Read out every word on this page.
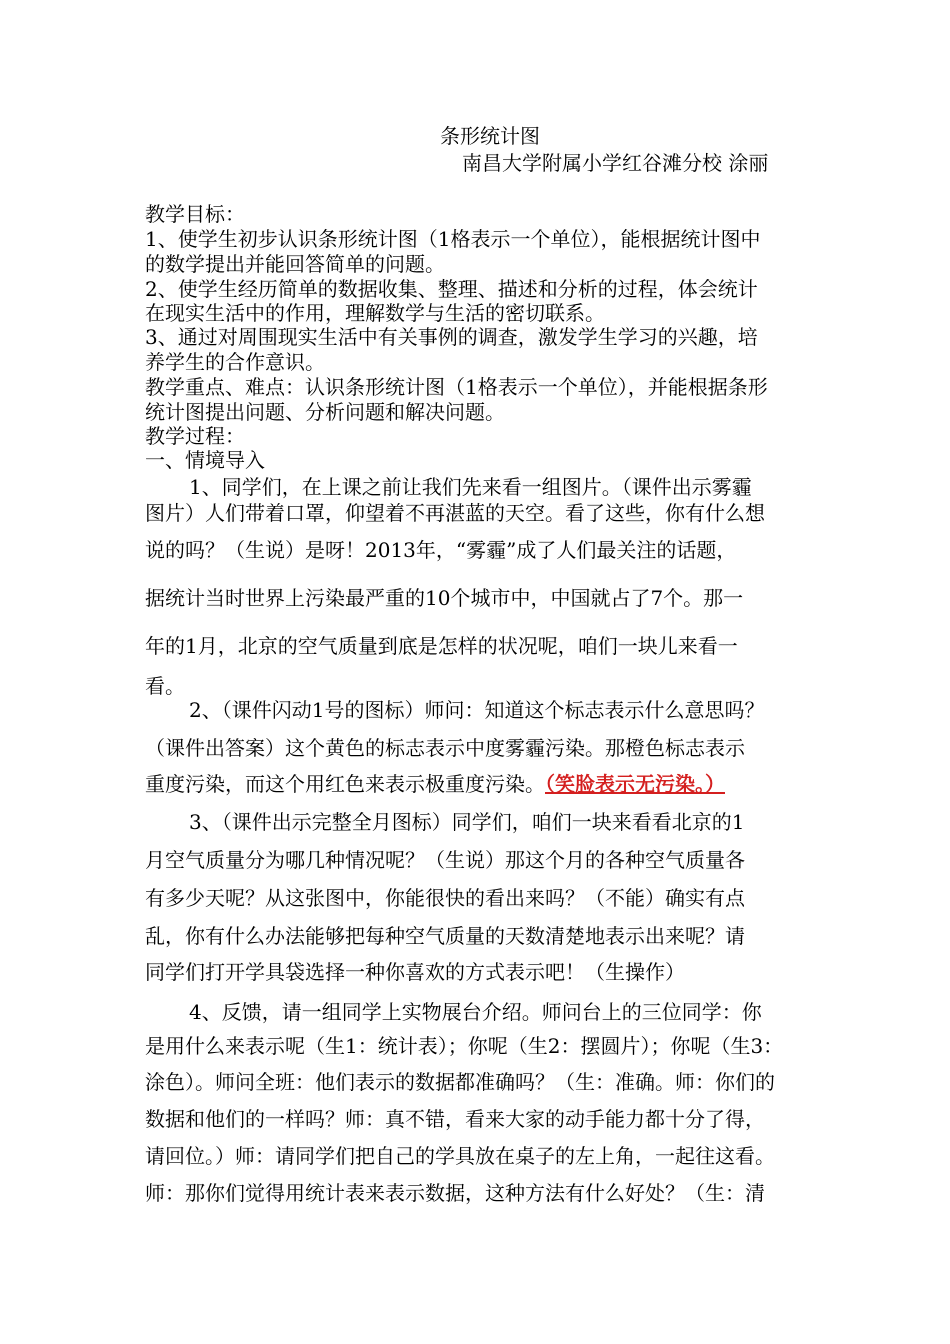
条形统计图
南昌大学附属小学红谷滩分校 涂丽
教学目标：
1、使学生初步认识条形统计图（1格表示一个单位），能根据统计图中
的数学提出并能回答简单的问题。
2、使学生经历简单的数据收集、整理、描述和分析的过程，体会统计
在现实生活中的作用，理解数学与生活的密切联系。
3、通过对周围现实生活中有关事例的调查，激发学生学习的兴趣，培
养学生的合作意识。
教学重点、难点：认识条形统计图（1格表示一个单位），并能根据条形
统计图提出问题、分析问题和解决问题。
教学过程：
一、情境导入
1、同学们，在上课之前让我们先来看一组图片。（课件出示雾霾
图片）人们带着口罩，仰望着不再湛蓝的天空。看了这些，你有什么想
说的吗？（生说）是呀！2013年，“雾霾”成了人们最关注的话题，
据统计当时世界上污染最严重的10个城市中，中国就占了7个。那一
年的1月，北京的空气质量到底是怎样的状况呢，咱们一块儿来看一
看。
2、（课件闪动1号的图标）师问：知道这个标志表示什么意思吗？
（课件出答案）这个黄色的标志表示中度雾霾污染。那橙色标志表示
重度污染，而这个用红色来表示极重度污染。（笑脸表示无污染。）
3、（课件出示完整全月图标）同学们，咱们一块来看看北京的1
月空气质量分为哪几种情况呢？（生说）那这个月的各种空气质量各
有多少天呢？从这张图中，你能很快的看出来吗？（不能）确实有点
乱，你有什么办法能够把每种空气质量的天数清楚地表示出来呢？请
同学们打开学具袋选择一种你喜欢的方式表示吧！（生操作）
4、反馈，请一组同学上实物展台介绍。师问台上的三位同学：你
是用什么来表示呢（生1：统计表）；你呢（生2：摆圆片）；你呢（生3：
涂色）。师问全班：他们表示的数据都准确吗？（生：准确。师：你们的
数据和他们的一样吗？师：真不错，看来大家的动手能力都十分了得，
请回位。）师：请同学们把自己的学具放在桌子的左上角，一起往这看。
师：那你们觉得用统计表来表示数据，这种方法有什么好处？（生：清
